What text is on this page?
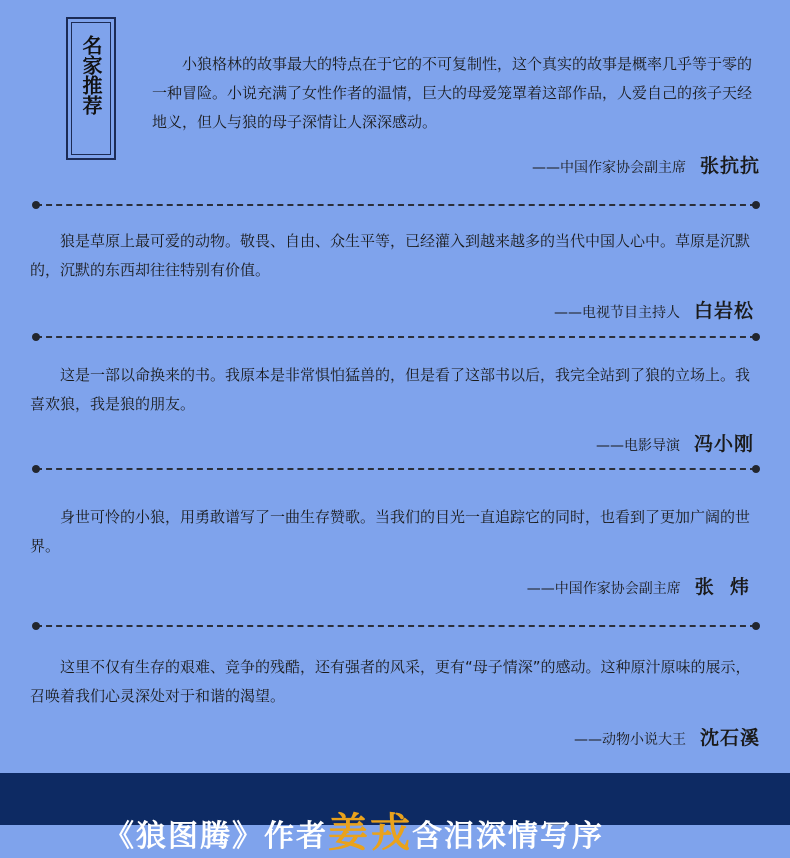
名家推荐	　　小狼格林的故事最大的特点在于它的不可复制性，这个真实的故事是概率几乎等于零的一种冒险。小说充满了女性作者的温情，巨大的母爱笼罩着这部作品，人爱自己的孩子天经地义，但人与狼的母子深情让人深深感动。

——中国作家协会副主席 张抗抗

　　狼是草原上最可爱的动物。敬畏、自由、众生平等，已经灌入到越来越多的当代中国人心中。草原是沉默的，沉默的东西却往往特别有价值。

——电视节目主持人 白岩松

　　这是一部以命换来的书。我原本是非常惧怕猛兽的，但是看了这部书以后，我完全站到了狼的立场上。我喜欢狼，我是狼的朋友。

——电影导演 冯小刚

　　身世可怜的小狼，用勇敢谱写了一曲生存赞歌。当我们的目光一直追踪它的同时，也看到了更加广阔的世界。

——中国作家协会副主席 张  炜

　　这里不仅有生存的艰难、竞争的残酷，还有强者的风采，更有“母子情深”的感动。这种原汁原味的展示，召唤着我们心灵深处对于和谐的渴望。

——动物小说大王 沈石溪
《狼图腾》作者姜戎含泪深情写序
